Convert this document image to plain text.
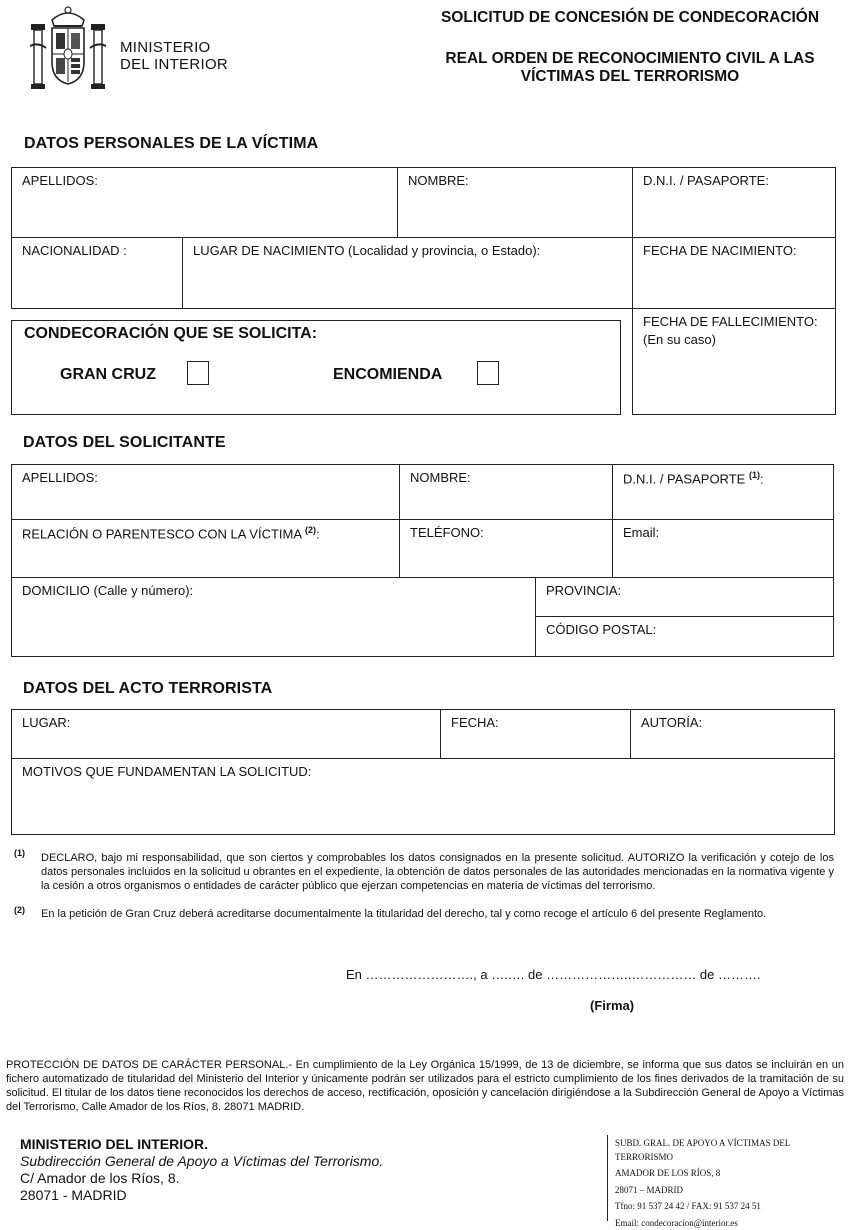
MINISTERIO
DEL INTERIOR
SOLICITUD DE CONCESIÓN DE CONDECORACIÓN
REAL ORDEN DE RECONOCIMIENTO CIVIL A LAS
VÍCTIMAS DEL TERRORISMO
DATOS PERSONALES DE LA VÍCTIMA
APELLIDOS:	NOMBRE:	D.N.I. / PASAPORTE:
NACIONALIDAD :	LUGAR DE NACIMIENTO (Localidad y provincia, o Estado):	FECHA DE NACIMIENTO:
FECHA DE FALLECIMIENTO:
(En su caso)
CONDECORACIÓN QUE SE SOLICITA:
GRAN CRUZ	ENCOMIENDA
DATOS DEL SOLICITANTE
APELLIDOS:	NOMBRE:	D.N.I. / PASAPORTE $^{(1)}$:
RELACIÓN O PARENTESCO CON LA VÍCTIMA $^{(2)}$:	TELÉFONO:	Email:
DOMICILIO (Calle y número):	PROVINCIA:
CÓDIGO POSTAL:
DATOS DEL ACTO TERRORISTA
LUGAR:	FECHA:	AUTORÍA:
MOTIVOS QUE FUNDAMENTAN LA SOLICITUD:
(1) DECLARO, bajo mi responsabilidad, que son ciertos y comprobables los datos consignados en la presente solicitud. AUTORIZO la verificación y cotejo de los datos personales incluidos en la solicitud u obrantes en el expediente, la obtención de datos personales de las autoridades mencionadas en la normativa vigente y la cesión a otros organismos o entidades de carácter público que ejerzan competencias en materia de víctimas del terrorismo.
(2) En la petición de Gran Cruz deberá acreditarse documentalmente la titularidad del derecho, tal y como recoge el artículo 6 del presente Reglamento.
En ……………………., a ….…. de ………………..…………… de ……….
(Firma)
PROTECCIÓN DE DATOS DE CARÁCTER PERSONAL.- En cumplimiento de la Ley Orgánica 15/1999, de 13 de diciembre, se informa que sus datos se incluirán en un fichero automatizado de titularidad del Ministerio del Interior y únicamente podrán ser utilizados para el estricto cumplimiento de los fines derivados de la tramitación de su solicitud. El titular de los datos tiene reconocidos los derechos de acceso, rectificación, oposición y cancelación dirigiéndose a la Subdirección General de Apoyo a Víctimas del Terrorismo, Calle Amador de los Ríos, 8. 28071 MADRID.
MINISTERIO DEL INTERIOR.
Subdirección General de Apoyo a Víctimas del Terrorismo.
C/ Amador de los Ríos, 8.
28071 - MADRID
SUBD. GRAL. DE APOYO A VÍCTIMAS DEL
TERRORISMO
AMADOR DE LOS RÍOS, 8
28071 – MADRID
Tfno: 91 537 24 42 / FAX: 91 537 24 51
Email: condecoracion@interior.es
